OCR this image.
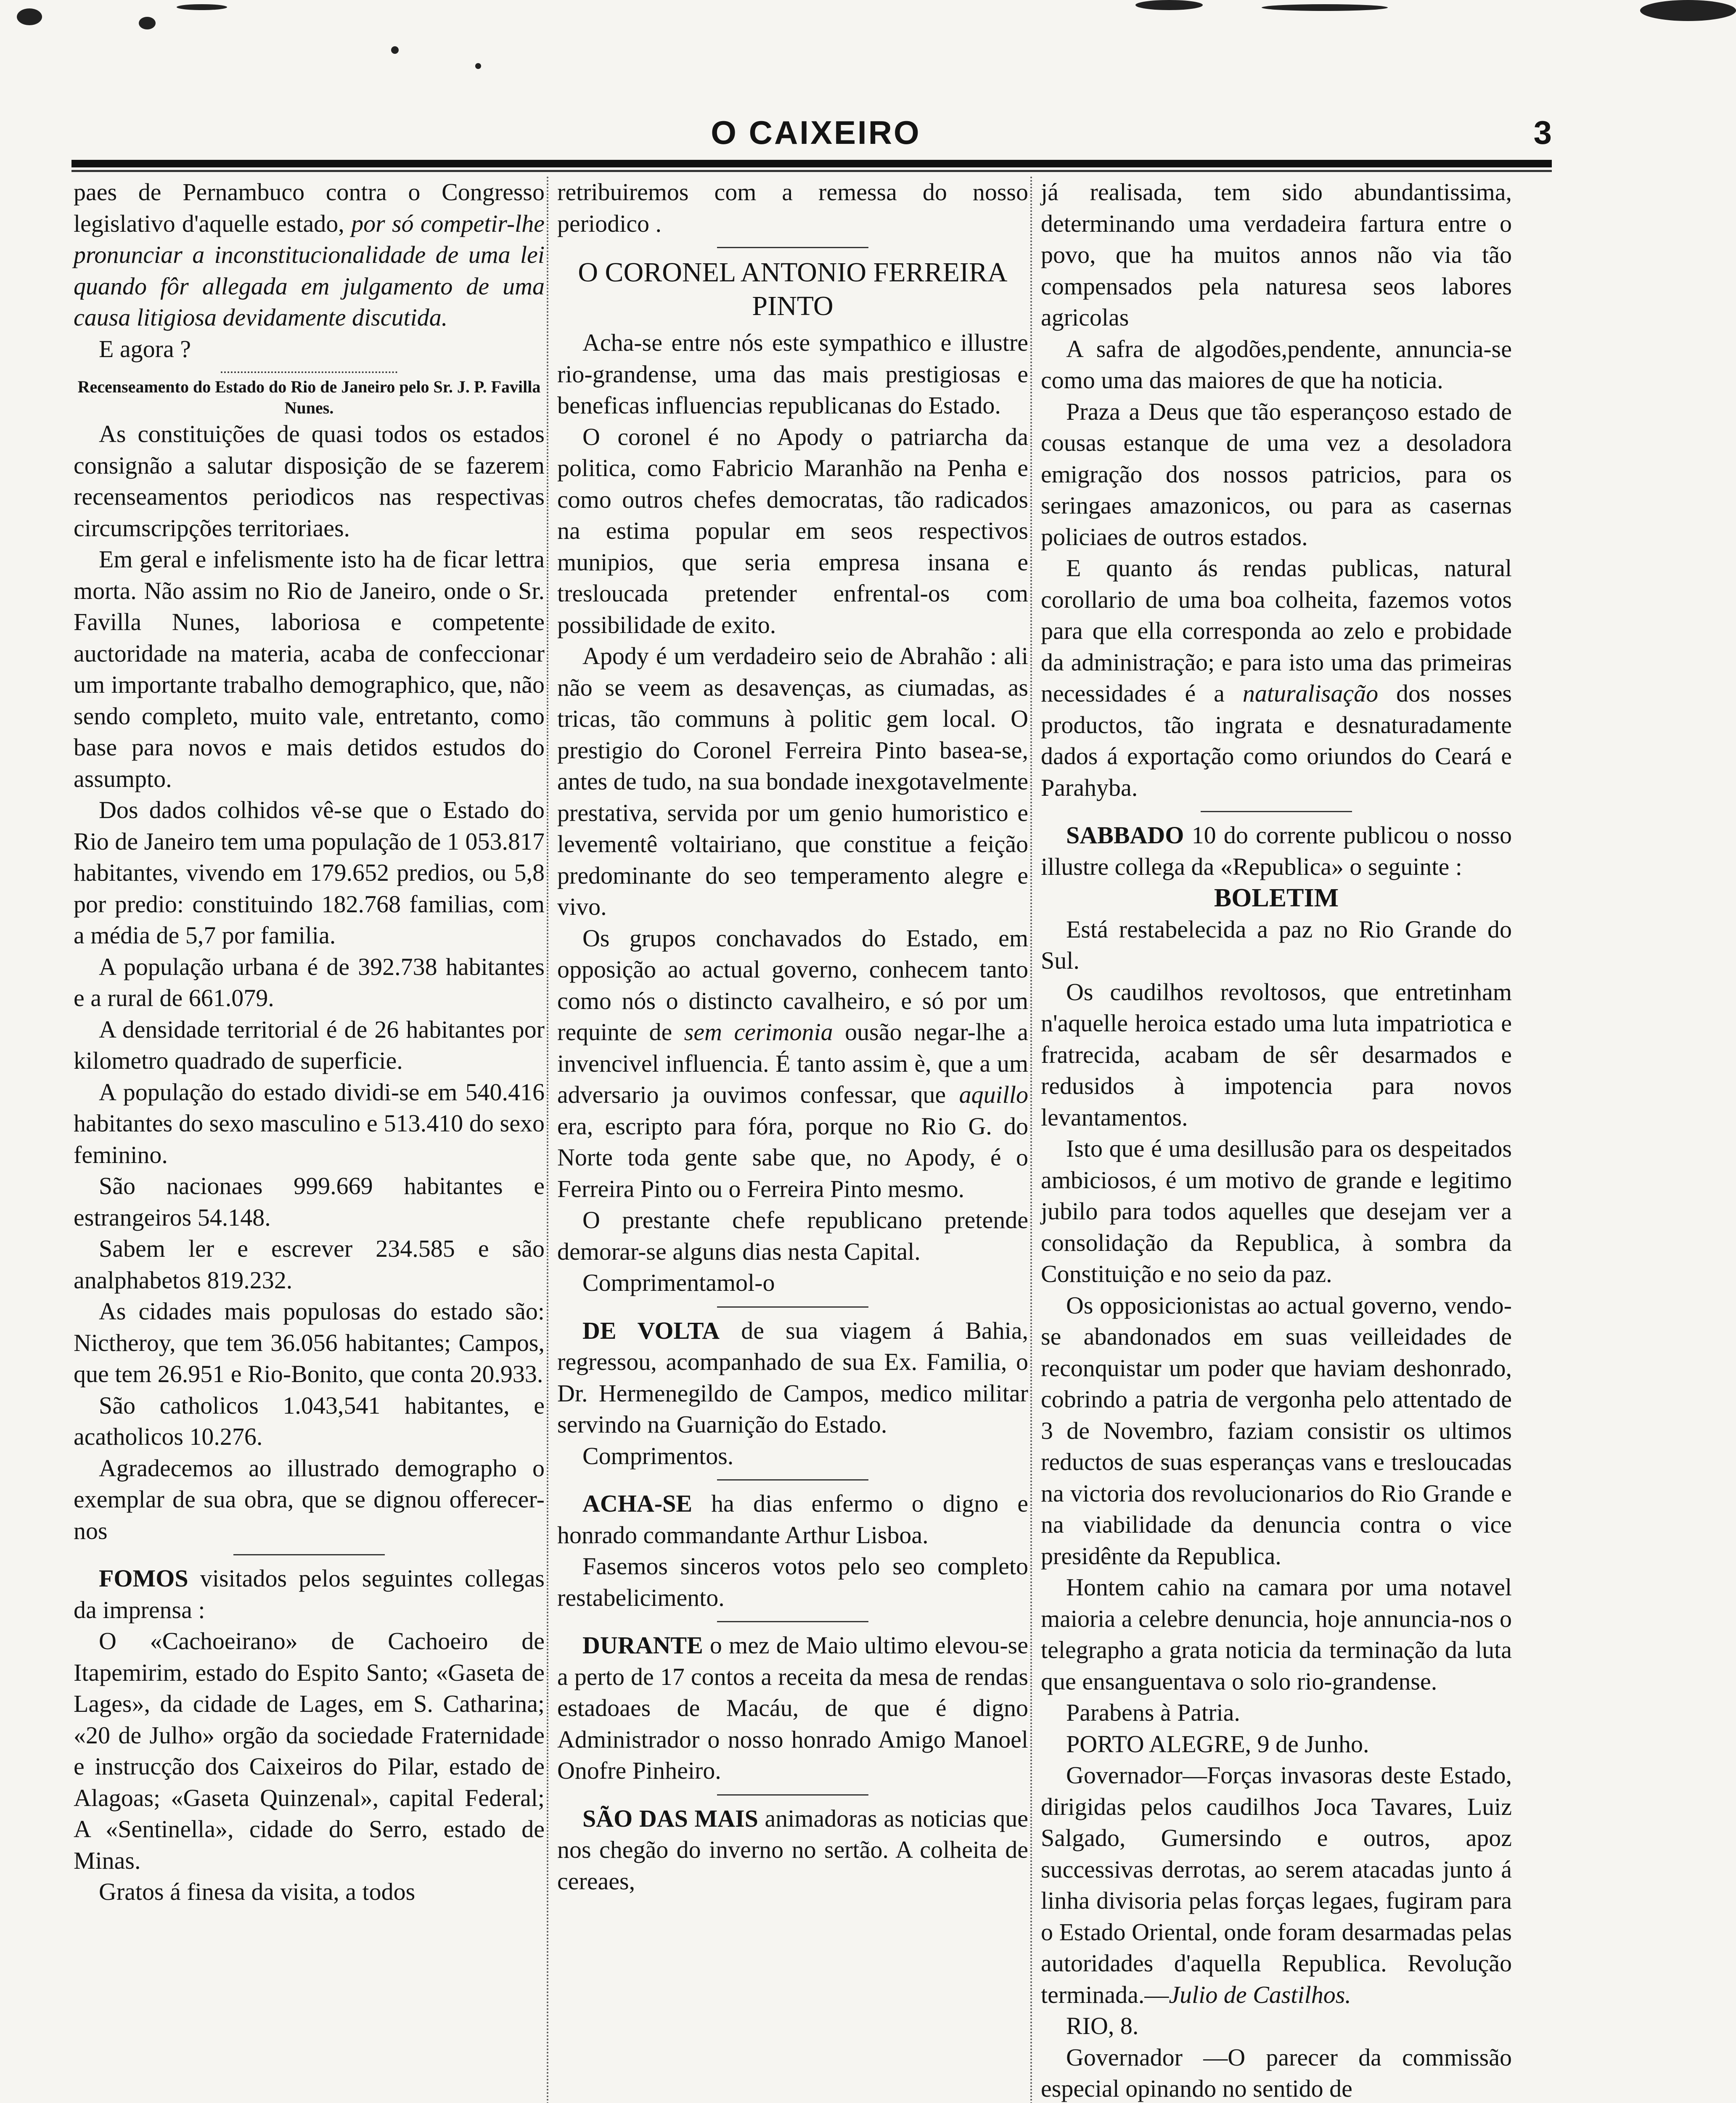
O CAIXEIRO	3

paes de Pernambuco contra o Congresso legislativo d'aquelle estado, por só competir-lhe pronunciar a inconstitucionalidade de uma lei quando fôr allegada em julgamento de uma causa litigiosa devidamente discutida.

E agora ?

Recenseamento do Estado do Rio de Janeiro pelo Sr. J. P. Favilla Nunes.

As constituições de quasi todos os estados consignão a salutar disposição de se fazerem recenseamentos periodicos nas respectivas circumscripções territoriaes.

Em geral e infelismente isto ha de ficar lettra morta. Não assim no Rio de Janeiro, onde o Sr. Favilla Nunes, laboriosa e competente auctoridade na materia, acaba de confeccionar um importante trabalho demographico, que, não sendo completo, muito vale, entretanto, como base para novos e mais detidos estudos do assumpto.

Dos dados colhidos vê-se que o Estado do Rio de Janeiro tem uma população de 1 053.817 habitantes, vivendo em 179.652 predios, ou 5,8 por predio: constituindo 182.768 familias, com a média de 5,7 por familia.

A população urbana é de 392.738 habitantes e a rural de 661.079.

A densidade territorial é de 26 habitantes por kilometro quadrado de superficie.

A população do estado dividi-se em 540.416 habitantes do sexo masculino e 513.410 do sexo feminino.

São nacionaes 999.669 habitantes e estrangeiros 54.148.

Sabem ler e escrever 234.585 e são analphabetos 819.232.

As cidades mais populosas do estado são: Nictheroy, que tem 36.056 habitantes; Campos, que tem 26.951 e Rio-Bonito, que conta 20.933.

São catholicos 1.043,541 habitantes, e acatholicos 10.276.

Agradecemos ao illustrado demographo o exemplar de sua obra, que se dignou offerecer-nos

FOMOS visitados pelos seguintes collegas da imprensa :

O «Cachoeirano» de Cachoeiro de Itapemirim, estado do Espito Santo; «Gaseta de Lages», da cidade de Lages, em S. Catharina; «20 de Julho» orgão da sociedade Fraternidade e instrucção dos Caixeiros do Pilar, estado de Alagoas; «Gaseta Quinzenal», capital Federal; A «Sentinella», cidade do Serro, estado de Minas.

Gratos á finesa da visita, a todos

retribuiremos com a remessa do nosso periodico .

O CORONEL ANTONIO FERREIRA PINTO

Acha-se entre nós este sympathico e illustre rio-grandense, uma das mais prestigiosas e beneficas influencias republicanas do Estado.

O coronel é no Apody o patriarcha da politica, como Fabricio Maranhão na Penha e como outros chefes democratas, tão radicados na estima popular em seos respectivos munipios, que seria empresa insana e tresloucada pretender enfrental-os com possibilidade de exito.

Apody é um verdadeiro seio de Abrahão : ali não se veem as desavenças, as ciumadas, as tricas, tão communs à politic gem local. O prestigio do Coronel Ferreira Pinto basea-se, antes de tudo, na sua bondade inexgotavelmente prestativa, servida por um genio humoristico e levementê voltairiano, que constitue a feição predominante do seo temperamento alegre e vivo.

Os grupos conchavados do Estado, em opposição ao actual governo, conhecem tanto como nós o distincto cavalheiro, e só por um requinte de sem cerimonia ousão negar-lhe a invencivel influencia. É tanto assim è, que a um adversario ja ouvimos confessar, que aquillo era, escripto para fóra, porque no Rio G. do Norte toda gente sabe que, no Apody, é o Ferreira Pinto ou o Ferreira Pinto mesmo.

O prestante chefe republicano pretende demorar-se alguns dias nesta Capital.

Comprimentamol-o

DE VOLTA de sua viagem á Bahia, regressou, acompanhado de sua Ex. Familia, o Dr. Hermenegildo de Campos, medico militar servindo na Guarnição do Estado.

Comprimentos.

ACHA-SE ha dias enfermo o digno e honrado commandante Arthur Lisboa.

Fasemos sinceros votos pelo seo completo restabelicimento.

DURANTE o mez de Maio ultimo elevou-se a perto de 17 contos a receita da mesa de rendas estadoaes de Macáu, de que é digno Administrador o nosso honrado Amigo Manoel Onofre Pinheiro.

SÃO DAS MAIS animadoras as noticias que nos chegão do inverno no sertão. A colheita de cereaes,

já realisada, tem sido abundantissima, determinando uma verdadeira fartura entre o povo, que ha muitos annos não via tão compensados pela naturesa seos labores agricolas

A safra de algodões,pendente, annuncia-se como uma das maiores de que ha noticia.

Praza a Deus que tão esperançoso estado de cousas estanque de uma vez a desoladora emigração dos nossos patricios, para os seringaes amazonicos, ou para as casernas policiaes de outros estados.

E quanto ás rendas publicas, natural corollario de uma boa colheita, fazemos votos para que ella corresponda ao zelo e probidade da administração; e para isto uma das primeiras necessidades é a naturalisação dos nosses productos, tão ingrata e desnaturadamente dados á exportação como oriundos do Ceará e Parahyba.

SABBADO 10 do corrente publicou o nosso illustre collega da «Republica» o seguinte :

BOLETIM

Está restabelecida a paz no Rio Grande do Sul.

Os caudilhos revoltosos, que entretinham n'aquelle heroica estado uma luta impatriotica e fratrecida, acabam de sêr desarmados e redusidos à impotencia para novos levantamentos.

Isto que é uma desillusão para os despeitados ambiciosos, é um motivo de grande e legitimo jubilo para todos aquelles que desejam ver a consolidação da Republica, à sombra da Constituição e no seio da paz.

Os opposicionistas ao actual governo, vendo-se abandonados em suas veilleidades de reconquistar um poder que haviam deshonrado, cobrindo a patria de vergonha pelo attentado de 3 de Novembro, faziam consistir os ultimos reductos de suas esperanças vans e tresloucadas na victoria dos revolucionarios do Rio Grande e na viabilidade da denuncia contra o vice presidênte da Republica.

Hontem cahio na camara por uma notavel maioria a celebre denuncia, hoje annuncia-nos o telegrapho a grata noticia da terminação da luta que ensanguentava o solo rio-grandense.

Parabens à Patria.

PORTO ALEGRE, 9 de Junho.

Governador—Forças invasoras deste Estado, dirigidas pelos caudilhos Joca Tavares, Luiz Salgado, Gumersindo e outros, apoz successivas derrotas, ao serem atacadas junto á linha divisoria pelas forças legaes, fugiram para o Estado Oriental, onde foram desarmadas pelas autoridades d'aquella Republica. Revolução terminada.—Julio de Castilhos.

RIO, 8.

Governador —O parecer da commissão especial opinando no sentido de
